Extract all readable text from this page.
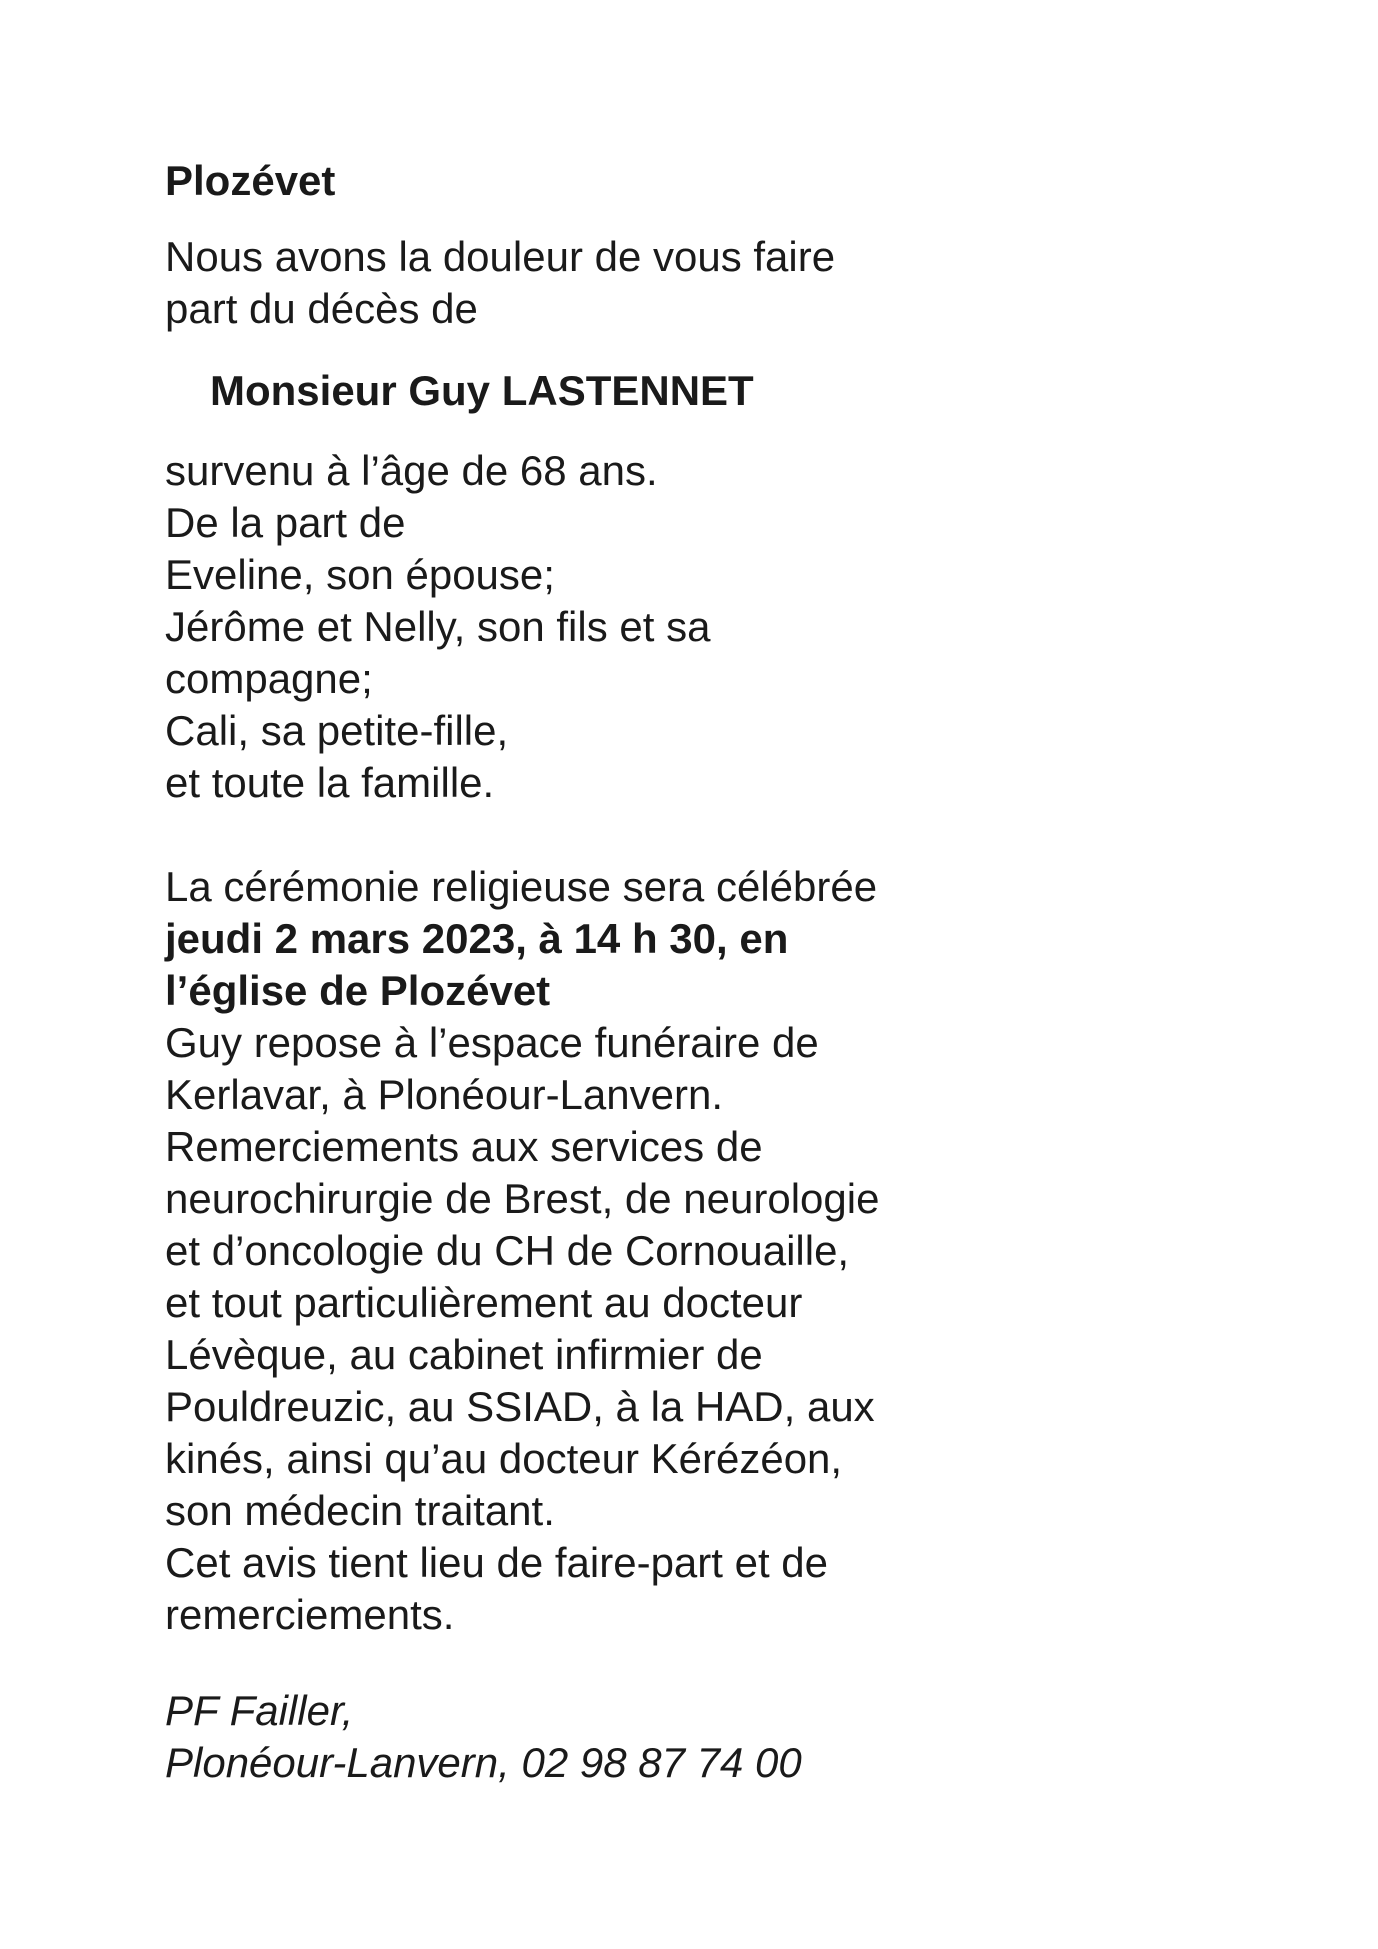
Plozévet
Nous avons la douleur de vous faire
part du décès de
Monsieur Guy LASTENNET
survenu à l’âge de 68 ans.
De la part de
Eveline, son épouse;
Jérôme et Nelly, son fils et sa
compagne;
Cali, sa petite-fille,
et toute la famille.
La cérémonie religieuse sera célébrée
jeudi 2 mars 2023, à 14 h 30, en
l’église de Plozévet
Guy repose à l’espace funéraire de
Kerlavar, à Plonéour-Lanvern.
Remerciements aux services de
neurochirurgie de Brest, de neurologie
et d’oncologie du CH de Cornouaille,
et tout particulièrement au docteur
Lévèque, au cabinet infirmier de
Pouldreuzic, au SSIAD, à la HAD, aux
kinés, ainsi qu’au docteur Kérézéon,
son médecin traitant.
Cet avis tient lieu de faire-part et de
remerciements.
PF Failler,
Plonéour-Lanvern, 02 98 87 74 00
